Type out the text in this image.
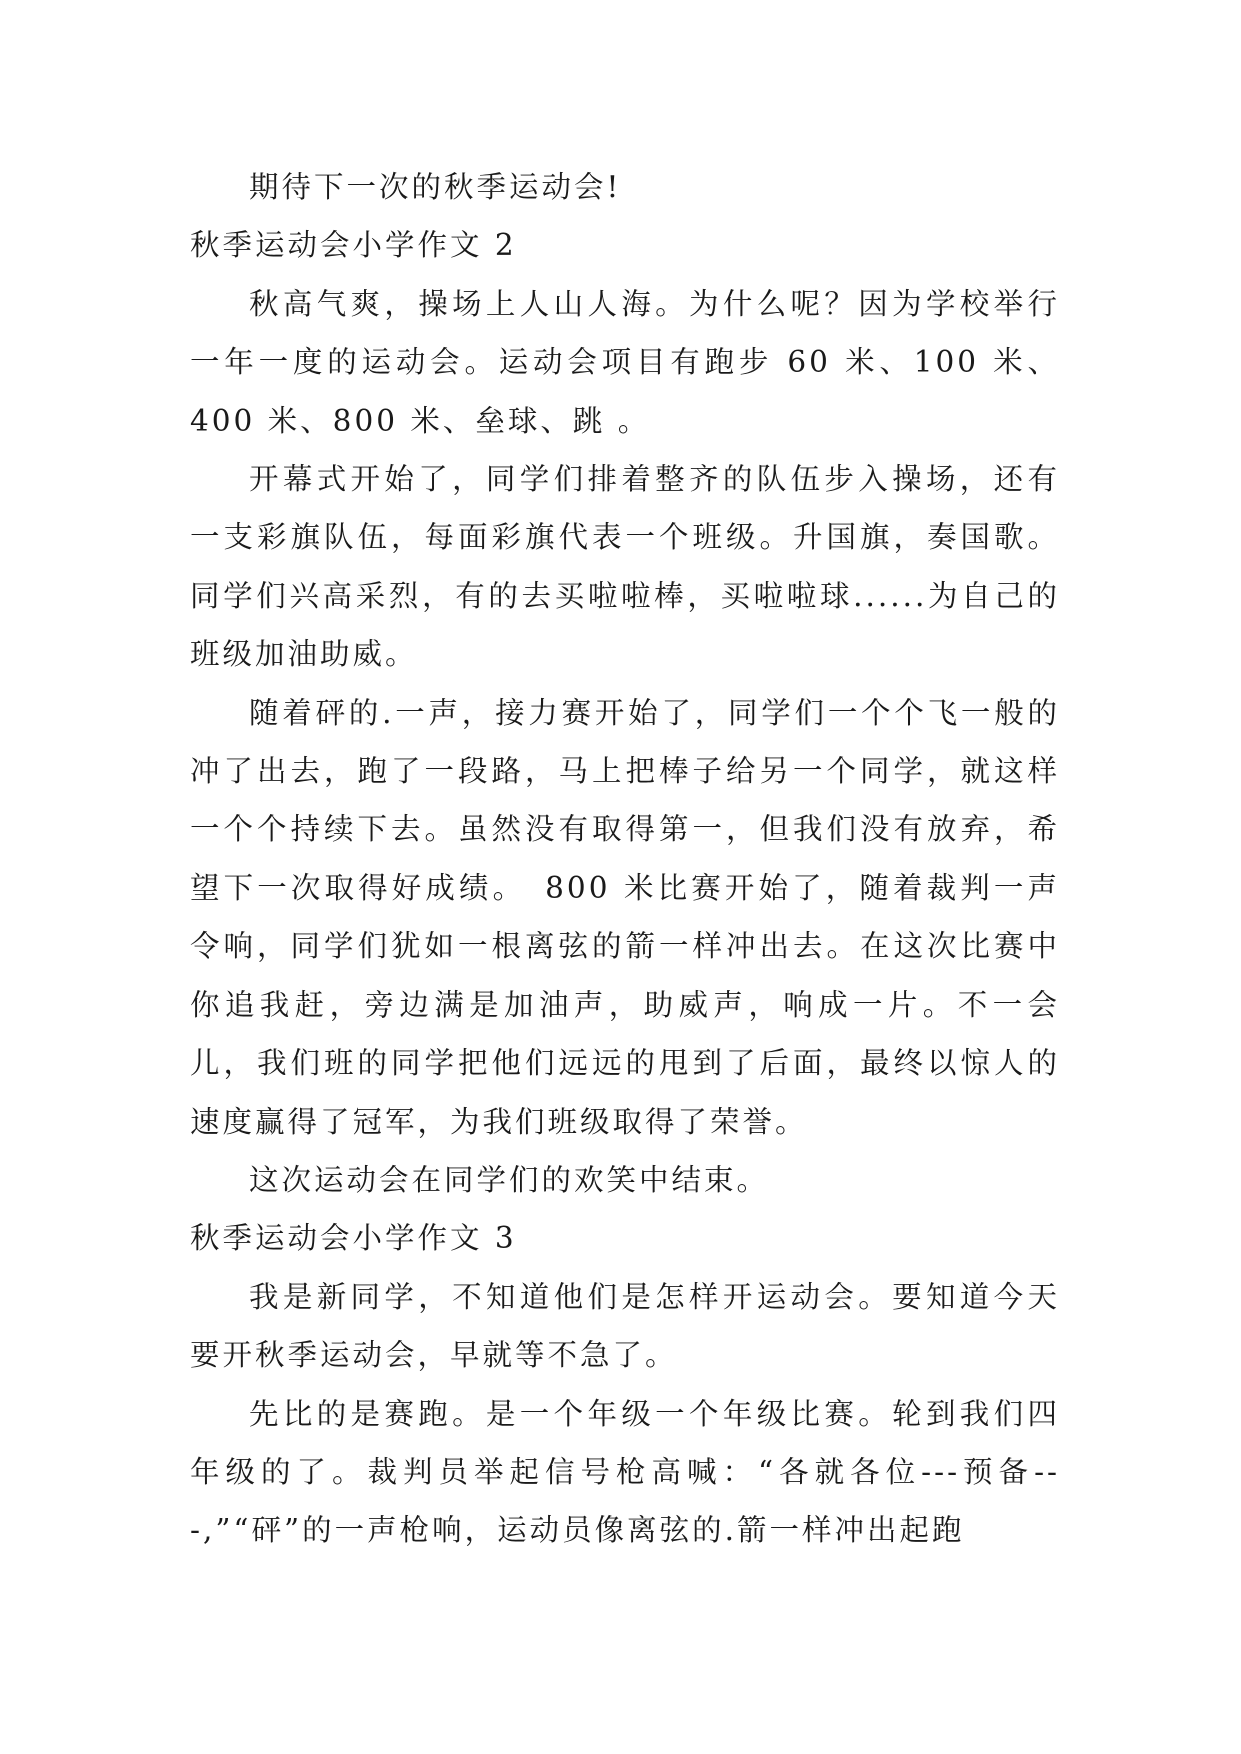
期待下一次的秋季运动会!

秋季运动会小学作文 2

秋高气爽，操场上人山人海。为什么呢？因为学校举行一年一度的运动会。运动会项目有跑步 60 米、100 米、400 米、800 米、垒球、跳 。

开幕式开始了，同学们排着整齐的队伍步入操场，还有一支彩旗队伍，每面彩旗代表一个班级。升国旗，奏国歌。同学们兴高采烈，有的去买啦啦棒，买啦啦球......为自己的班级加油助威。

随着砰的.一声，接力赛开始了，同学们一个个飞一般的冲了出去，跑了一段路，马上把棒子给另一个同学，就这样一个个持续下去。虽然没有取得第一，但我们没有放弃，希望下一次取得好成绩。　800 米比赛开始了，随着裁判一声令响，同学们犹如一根离弦的箭一样冲出去。在这次比赛中你追我赶，旁边满是加油声，助威声，响成一片。不一会儿，我们班的同学把他们远远的甩到了后面，最终以惊人的速度赢得了冠军，为我们班级取得了荣誉。

这次运动会在同学们的欢笑中结束。

秋季运动会小学作文 3

我是新同学，不知道他们是怎样开运动会。要知道今天要开秋季运动会，早就等不急了。

先比的是赛跑。是一个年级一个年级比赛。轮到我们四年级的了。裁判员举起信号枪高喊：“各就各位---预备---,”“砰”的一声枪响，运动员像离弦的.箭一样冲出起跑
